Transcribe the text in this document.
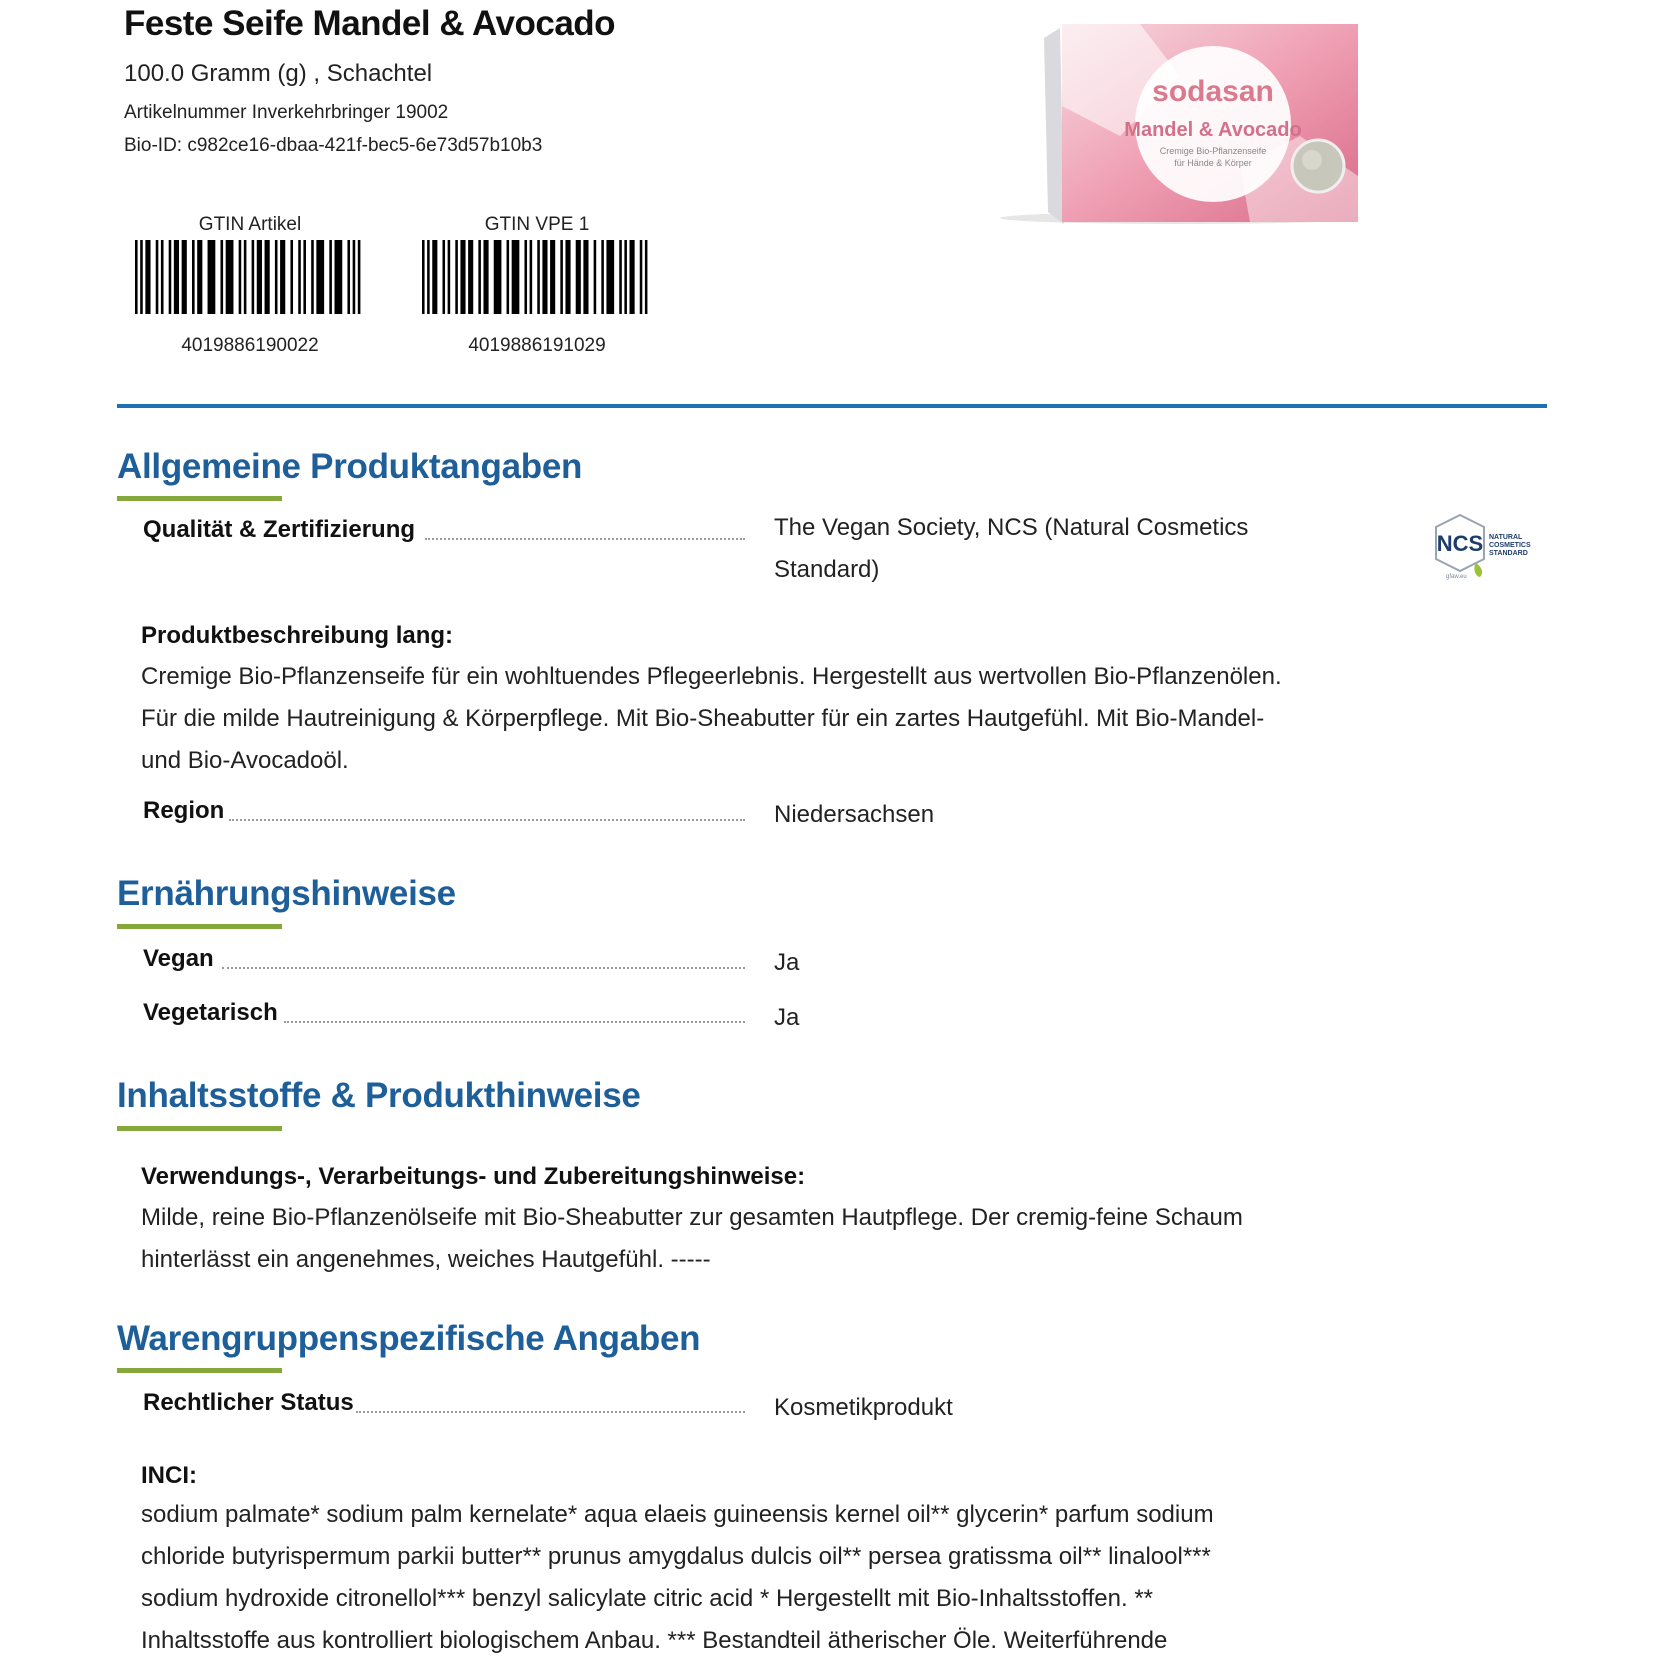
Feste Seife Mandel & Avocado
100.0 Gramm (g) , Schachtel
Artikelnummer Inverkehrbringer 19002
Bio-ID: c982ce16-dbaa-421f-bec5-6e73d57b10b3
sodasan
Mandel & Avocado
Cremige Bio-Pflanzenseife
für Hände & Körper
GTIN Artikel
4019886190022
GTIN VPE 1
4019886191029
Allgemeine Produktangaben
Qualität & Zertifizierung	The Vegan Society, NCS (Natural Cosmetics
Standard)
NCS NATURAL
COSMETICS
STANDARD
gfaw.eu
Produktbeschreibung lang:
Cremige Bio-Pflanzenseife für ein wohltuendes Pflegeerlebnis. Hergestellt aus wertvollen Bio-Pflanzenölen.
Für die milde Hautreinigung & Körperpflege. Mit Bio-Sheabutter für ein zartes Hautgefühl. Mit Bio-Mandel-
und Bio-Avocadoöl.
Region	Niedersachsen
Ernährungshinweise
Vegan	Ja
Vegetarisch	Ja
Inhaltsstoffe & Produkthinweise
Verwendungs-, Verarbeitungs- und Zubereitungshinweise:
Milde, reine Bio-Pflanzenölseife mit Bio-Sheabutter zur gesamten Hautpflege. Der cremig-feine Schaum
hinterlässt ein angenehmes, weiches Hautgefühl. -----
Warengruppenspezifische Angaben
Rechtlicher Status	Kosmetikprodukt
INCI:
sodium palmate* sodium palm kernelate* aqua elaeis guineensis kernel oil** glycerin* parfum sodium
chloride butyrispermum parkii butter** prunus amygdalus dulcis oil** persea gratissma oil** linalool***
sodium hydroxide citronellol*** benzyl salicylate citric acid * Hergestellt mit Bio-Inhaltsstoffen. **
Inhaltsstoffe aus kontrolliert biologischem Anbau. *** Bestandteil ätherischer Öle. Weiterführende
